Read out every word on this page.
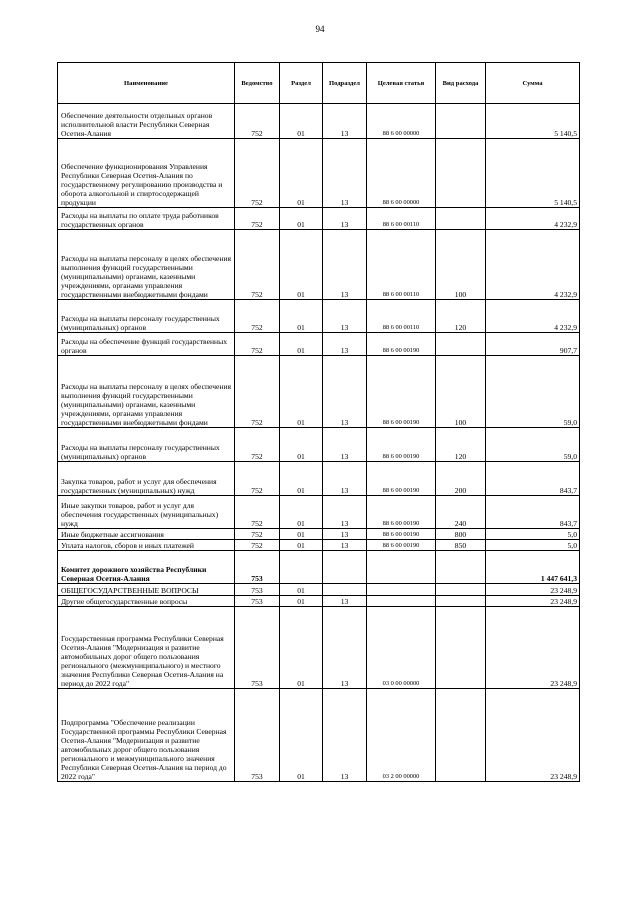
94
Наименование	Ведомство	Раздел	Подраздел	Целевая статья	Вид расхода	Сумма
Обеспечение деятельности отдельных органов исполнительной власти Республики Северная Осетия-Алания	752	01	13	88 6 00 00000		5 140,5
Обеспечение функционирования Управления Республики Северная Осетия-Алания по государственному регулированию производства и оборота алкогольной и спиртосодержащей продукции	752	01	13	88 6 00 00000		5 140,5
Расходы на выплаты по оплате труда работников государственных органов	752	01	13	88 6 00 00110		4 232,9
Расходы на выплаты персоналу в целях обеспечения выполнения функций государственными (муниципальными) органами, казенными учреждениями, органами управления государственными внебюджетными фондами	752	01	13	88 6 00 00110	100	4 232,9
Расходы на выплаты персоналу государственных (муниципальных) органов	752	01	13	88 6 00 00110	120	4 232,9
Расходы на обеспечение функций государственных органов	752	01	13	88 6 00 00190		907,7
Расходы на выплаты персоналу в целях обеспечения выполнения функций государственными (муниципальными) органами, казенными учреждениями, органами управления государственными внебюджетными фондами	752	01	13	88 6 00 00190	100	59,0
Расходы на выплаты персоналу государственных (муниципальных) органов	752	01	13	88 6 00 00190	120	59,0
Закупка товаров, работ и услуг для обеспечения государственных (муниципальных) нужд	752	01	13	88 6 00 00190	200	843,7
Иные закупки товаров, работ и услуг для обеспечения государственных (муниципальных) нужд	752	01	13	88 6 00 00190	240	843,7
Иные бюджетные ассигнования	752	01	13	88 6 00 00190	800	5,0
Уплата налогов, сборов и иных платежей	752	01	13	88 6 00 00190	850	5,0
Комитет дорожного хозяйства Республики Северная Осетия-Алания	753					1 447 641,3
ОБЩЕГОСУДАРСТВЕННЫЕ ВОПРОСЫ	753	01				23 248,9
Другие общегосударственные вопросы	753	01	13			23 248,9
Государственная программа Республики Северная Осетия-Алания "Модернизация и развитие автомобильных дорог общего пользования регионального (межмуниципального) и местного значения Республики Северная Осетия-Алания на период до 2022 года"	753	01	13	03 0 00 00000		23 248,9
Подпрограмма "Обеспечение реализации Государственной программы Республики Северная Осетия-Алания "Модернизация и развитие автомобильных дорог общего пользования регионального и межмуниципального значения Республики Северная Осетия-Алания на период до 2022 года"	753	01	13	03 2 00 00000		23 248,9
